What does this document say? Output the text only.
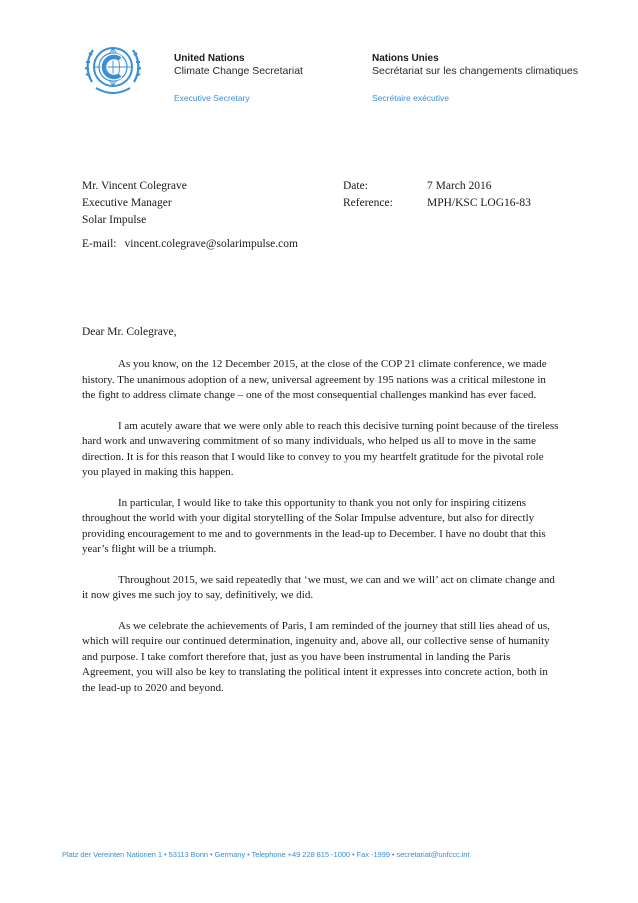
United Nations
Climate Change Secretariat
Executive Secretary
Nations Unies
Secrétariat sur les changements climatiques
Secrétaire exécutive
Mr. Vincent Colegrave
Executive Manager
Solar Impulse
Date:	7 March 2016
Reference:	MPH/KSC LOG16-83
E-mail: vincent.colegrave@solarimpulse.com
Dear Mr. Colegrave,

As you know, on the 12 December 2015, at the close of the COP 21 climate conference, we made history. The unanimous adoption of a new, universal agreement by 195 nations was a critical milestone in the fight to address climate change – one of the most consequential challenges mankind has ever faced.

I am acutely aware that we were only able to reach this decisive turning point because of the tireless hard work and unwavering commitment of so many individuals, who helped us all to move in the same direction. It is for this reason that I would like to convey to you my heartfelt gratitude for the pivotal role you played in making this happen.

In particular, I would like to take this opportunity to thank you not only for inspiring citizens throughout the world with your digital storytelling of the Solar Impulse adventure, but also for directly providing encouragement to me and to governments in the lead-up to December. I have no doubt that this year’s flight will be a triumph.

Throughout 2015, we said repeatedly that ‘we must, we can and we will’ act on climate change and it now gives me such joy to say, definitively, we did.

As we celebrate the achievements of Paris, I am reminded of the journey that still lies ahead of us, which will require our continued determination, ingenuity and, above all, our collective sense of humanity and purpose. I take comfort therefore that, just as you have been instrumental in landing the Paris Agreement, you will also be key to translating the political intent it expresses into concrete action, both in the lead-up to 2020 and beyond.

Platz der Vereinten Nationen 1 • 53113 Bonn • Germany • Telephone +49 228 815 -1000 • Fax -1999 • secretariat@unfccc.int
